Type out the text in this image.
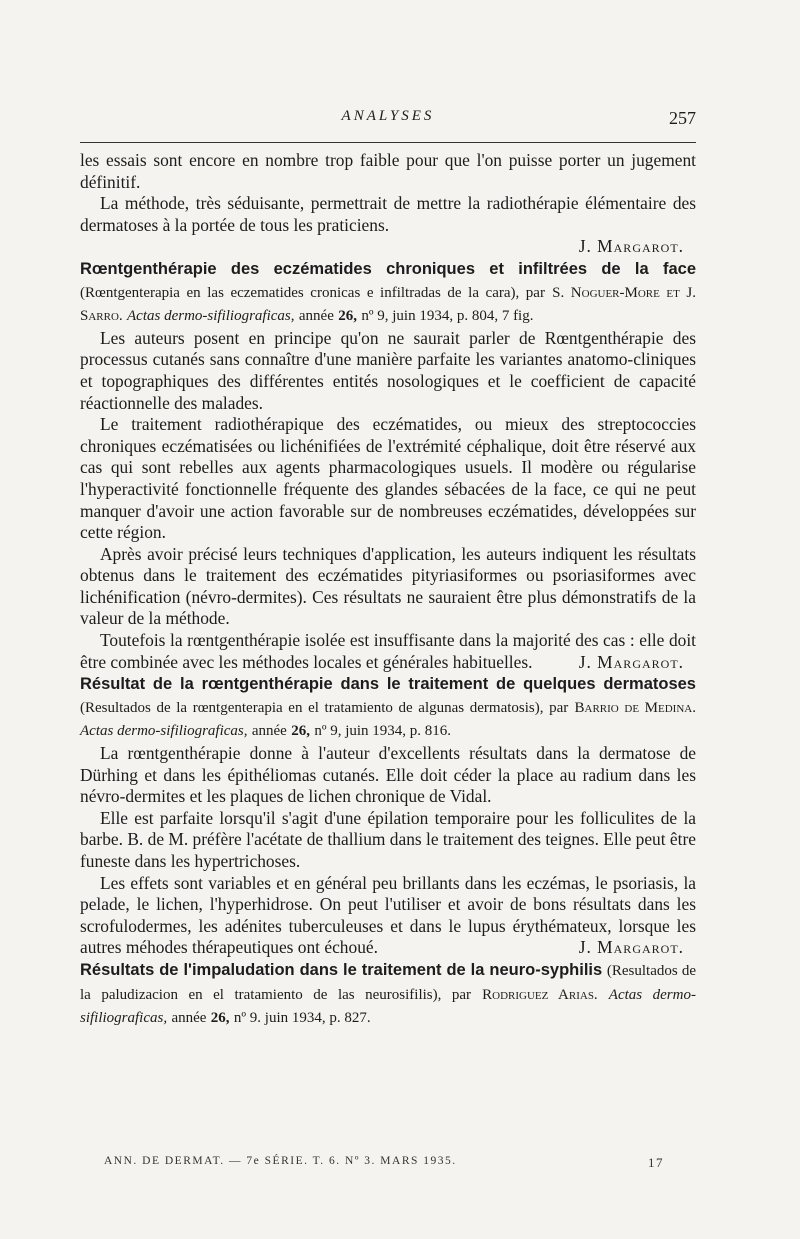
ANALYSES	257

les essais sont encore en nombre trop faible pour que l'on puisse porter un jugement définitif.

La méthode, très séduisante, permettrait de mettre la radiothérapie élémentaire des dermatoses à la portée de tous les praticiens.

J. Margarot.

Rœntgenthérapie des eczématides chroniques et infiltrées de la face (Rœntgenterapia en las eczematides cronicas e infiltradas de la cara), par S. Noguer-More et J. Sarro. Actas dermo-sifiliograficas, année 26, nº 9, juin 1934, p. 804, 7 fig.

Les auteurs posent en principe qu'on ne saurait parler de Rœntgenthérapie des processus cutanés sans connaître d'une manière parfaite les variantes anatomo-cliniques et topographiques des différentes entités nosologiques et le coefficient de capacité réactionnelle des malades.

Le traitement radiothérapique des eczématides, ou mieux des streptococcies chroniques eczématisées ou lichénifiées de l'extrémité céphalique, doit être réservé aux cas qui sont rebelles aux agents pharmacologiques usuels. Il modère ou régularise l'hyperactivité fonctionnelle fréquente des glandes sébacées de la face, ce qui ne peut manquer d'avoir une action favorable sur de nombreuses eczématides, développées sur cette région.

Après avoir précisé leurs techniques d'application, les auteurs indiquent les résultats obtenus dans le traitement des eczématides pityriasiformes ou psoriasiformes avec lichénification (névro-dermites). Ces résultats ne sauraient être plus démonstratifs de la valeur de la méthode.

Toutefois la rœntgenthérapie isolée est insuffisante dans la majorité des cas : elle doit être combinée avec les méthodes locales et générales habituelles.	J. Margarot.

Résultat de la rœntgenthérapie dans le traitement de quelques dermatoses (Resultados de la rœntgenterapia en el tratamiento de algunas dermatosis), par Barrio de Medina. Actas dermo-sifiliograficas, année 26, nº 9, juin 1934, p. 816.

La rœntgenthérapie donne à l'auteur d'excellents résultats dans la dermatose de Dürhing et dans les épithéliomas cutanés. Elle doit céder la place au radium dans les névro-dermites et les plaques de lichen chronique de Vidal.

Elle est parfaite lorsqu'il s'agit d'une épilation temporaire pour les folliculites de la barbe. B. de M. préfère l'acétate de thallium dans le traitement des teignes. Elle peut être funeste dans les hypertrichoses.

Les effets sont variables et en général peu brillants dans les eczémas, le psoriasis, la pelade, le lichen, l'hyperhidrose. On peut l'utiliser et avoir de bons résultats dans les scrofulodermes, les adénites tuberculeuses et dans le lupus érythémateux, lorsque les autres méhodes thérapeutiques ont échoué.	J. Margarot.

Résultats de l'impaludation dans le traitement de la neuro-syphilis (Resultados de la paludizacion en el tratamiento de las neurosifilis), par Rodriguez Arias. Actas dermo-sifiliograficas, année 26, nº 9. juin 1934, p. 827.

ANN. DE DERMAT. — 7e SÉRIE. T. 6. Nº 3. MARS 1935.	17
